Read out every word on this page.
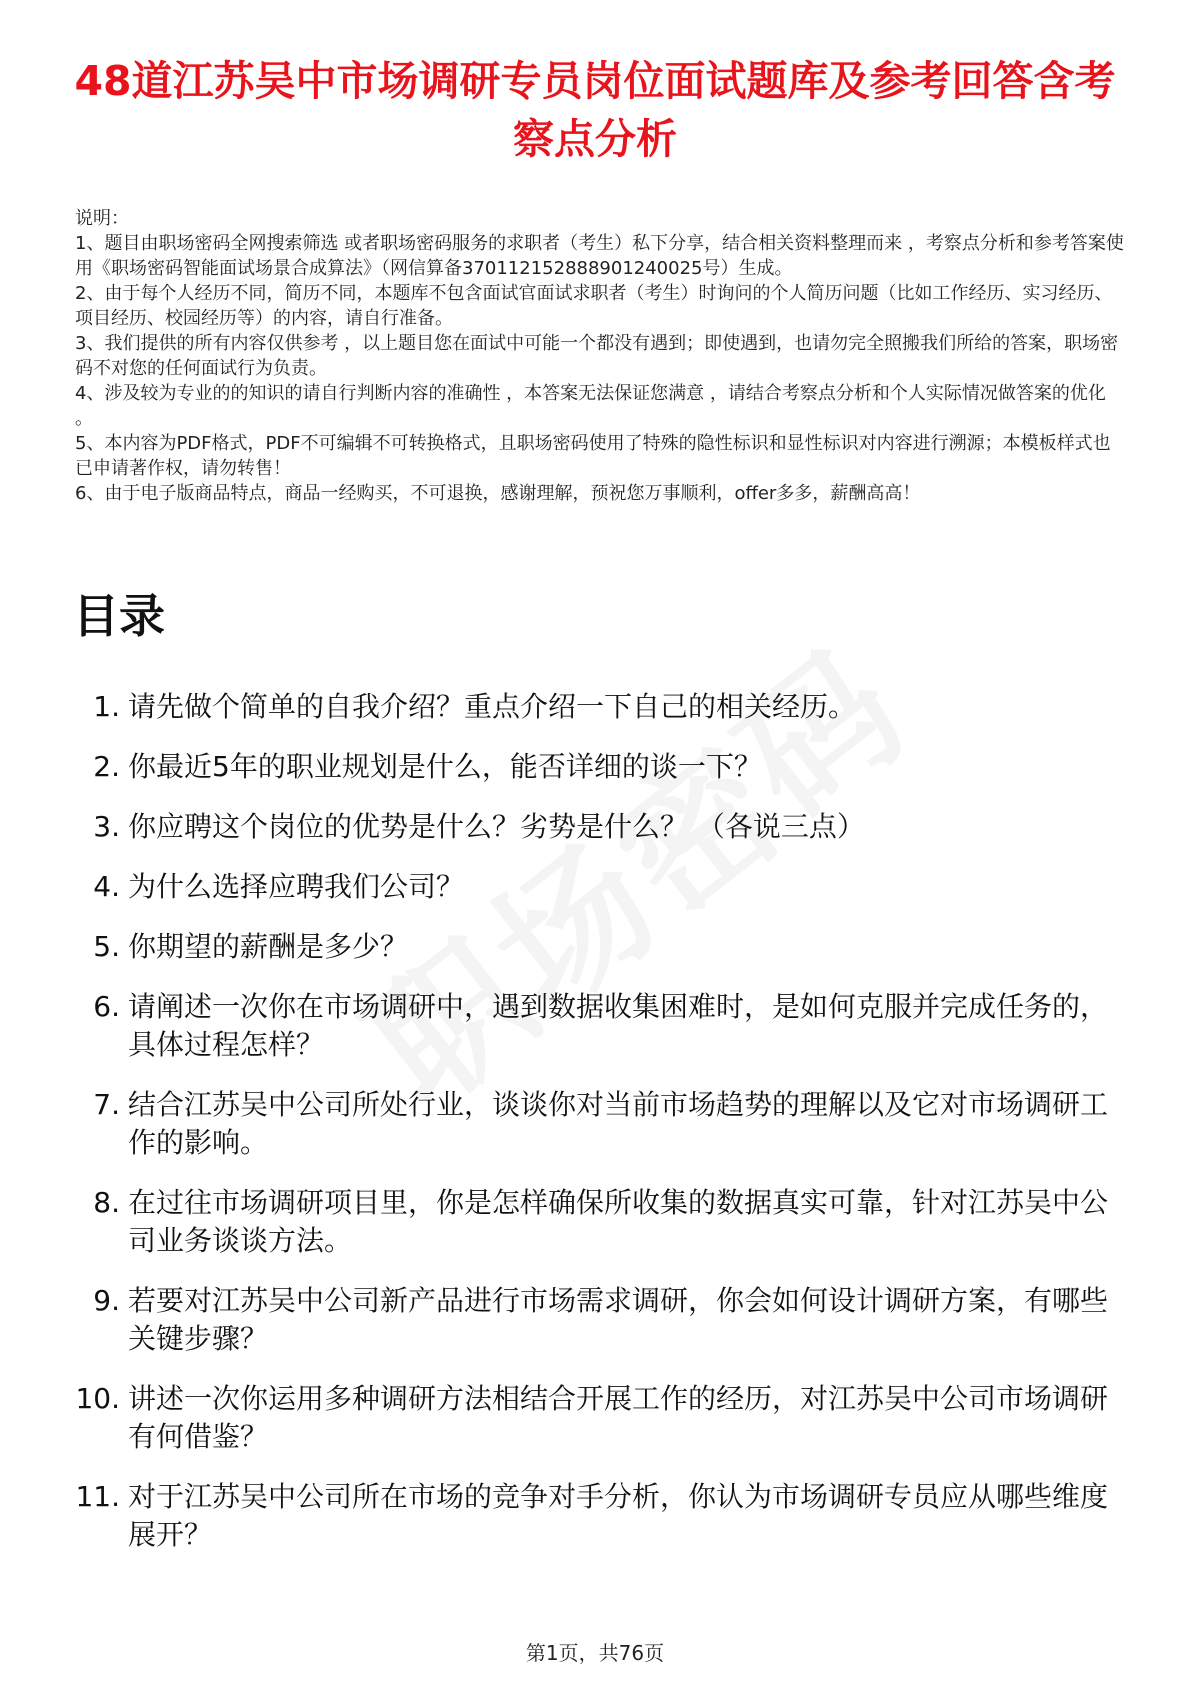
48道江苏吴中市场调研专员岗位面试题库及参考回答含考察点分析

说明：

1、题目由职场密码全网搜索筛选 或者职场密码服务的求职者（考生）私下分享，结合相关资料整理而来 ，考察点分析和参考答案使用《职场密码智能面试场景合成算法》（网信算备370112152888901240025号）生成。

2、由于每个人经历不同，简历不同，本题库不包含面试官面试求职者（考生）时询问的个人简历问题（比如工作经历、实习经历、项目经历、校园经历等）的内容，请自行准备。

3、我们提供的所有内容仅供参考 ，以上题目您在面试中可能一个都没有遇到；即使遇到，也请勿完全照搬我们所给的答案，职场密码不对您的任何面试行为负责。

4、涉及较为专业的的知识的请自行判断内容的准确性 ，本答案无法保证您满意 ，请结合考察点分析和个人实际情况做答案的优化 。

5、本内容为PDF格式，PDF不可编辑不可转换格式，且职场密码使用了特殊的隐性标识和显性标识对内容进行溯源；本模板样式也已申请著作权，请勿转售！

6、由于电子版商品特点，商品一经购买，不可退换，感谢理解，预祝您万事顺利，offer多多，薪酬高高！

目录
1. 请先做个简单的自我介绍？重点介绍一下自己的相关经历。
2. 你最近5年的职业规划是什么，能否详细的谈一下？
3. 你应聘这个岗位的优势是什么？劣势是什么？ （各说三点）
4. 为什么选择应聘我们公司？
5. 你期望的薪酬是多少？
6. 请阐述一次你在市场调研中，遇到数据收集困难时，是如何克服并完成任务的，具体过程怎样？
7. 结合江苏吴中公司所处行业，谈谈你对当前市场趋势的理解以及它对市场调研工作的影响。
8. 在过往市场调研项目里，你是怎样确保所收集的数据真实可靠，针对江苏吴中公司业务谈谈方法。
9. 若要对江苏吴中公司新产品进行市场需求调研，你会如何设计调研方案，有哪些关键步骤？
10. 讲述一次你运用多种调研方法相结合开展工作的经历，对江苏吴中公司市场调研有何借鉴？
11. 对于江苏吴中公司所在市场的竞争对手分析，你认为市场调研专员应从哪些维度展开？
第1页，共76页
